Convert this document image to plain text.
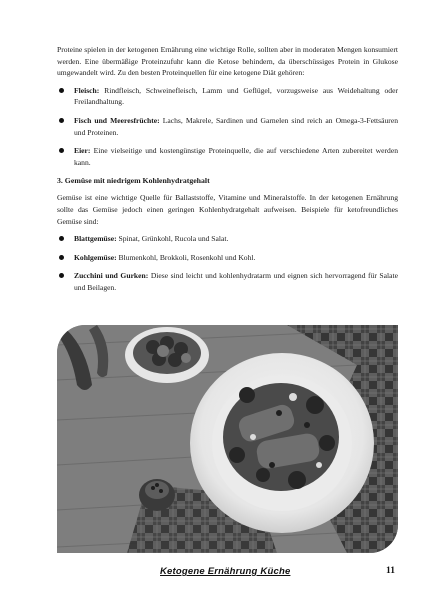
Proteine spielen in der ketogenen Ernährung eine wichtige Rolle, sollten aber in moderaten Mengen konsumiert werden. Eine übermäßige Proteinzufuhr kann die Ketose behindern, da überschüssiges Protein in Glukose umgewandelt wird. Zu den besten Proteinquellen für eine ketogene Diät gehören:

Fleisch: Rindfleisch, Schweinefleisch, Lamm und Geflügel, vorzugsweise aus Weidehaltung oder Freilandhaltung.
Fisch und Meeresfrüchte: Lachs, Makrele, Sardinen und Garnelen sind reich an Omega-3-Fettsäuren und Proteinen.
Eier: Eine vielseitige und kostengünstige Proteinquelle, die auf verschiedene Arten zubereitet werden kann.
3. Gemüse mit niedrigem Kohlenhydratgehalt

Gemüse ist eine wichtige Quelle für Ballaststoffe, Vitamine und Mineralstoffe. In der ketogenen Ernährung sollte das Gemüse jedoch einen geringen Kohlenhydratgehalt aufweisen. Beispiele für ketofreundliches Gemüse sind:

Blattgemüse: Spinat, Grünkohl, Rucola und Salat.
Kohlgemüse: Blumenkohl, Brokkoli, Rosenkohl und Kohl.
Zucchini und Gurken: Diese sind leicht und kohlenhydratarm und eignen sich hervorragend für Salate und Beilagen.
Ketogene Ernährung Küche	11
